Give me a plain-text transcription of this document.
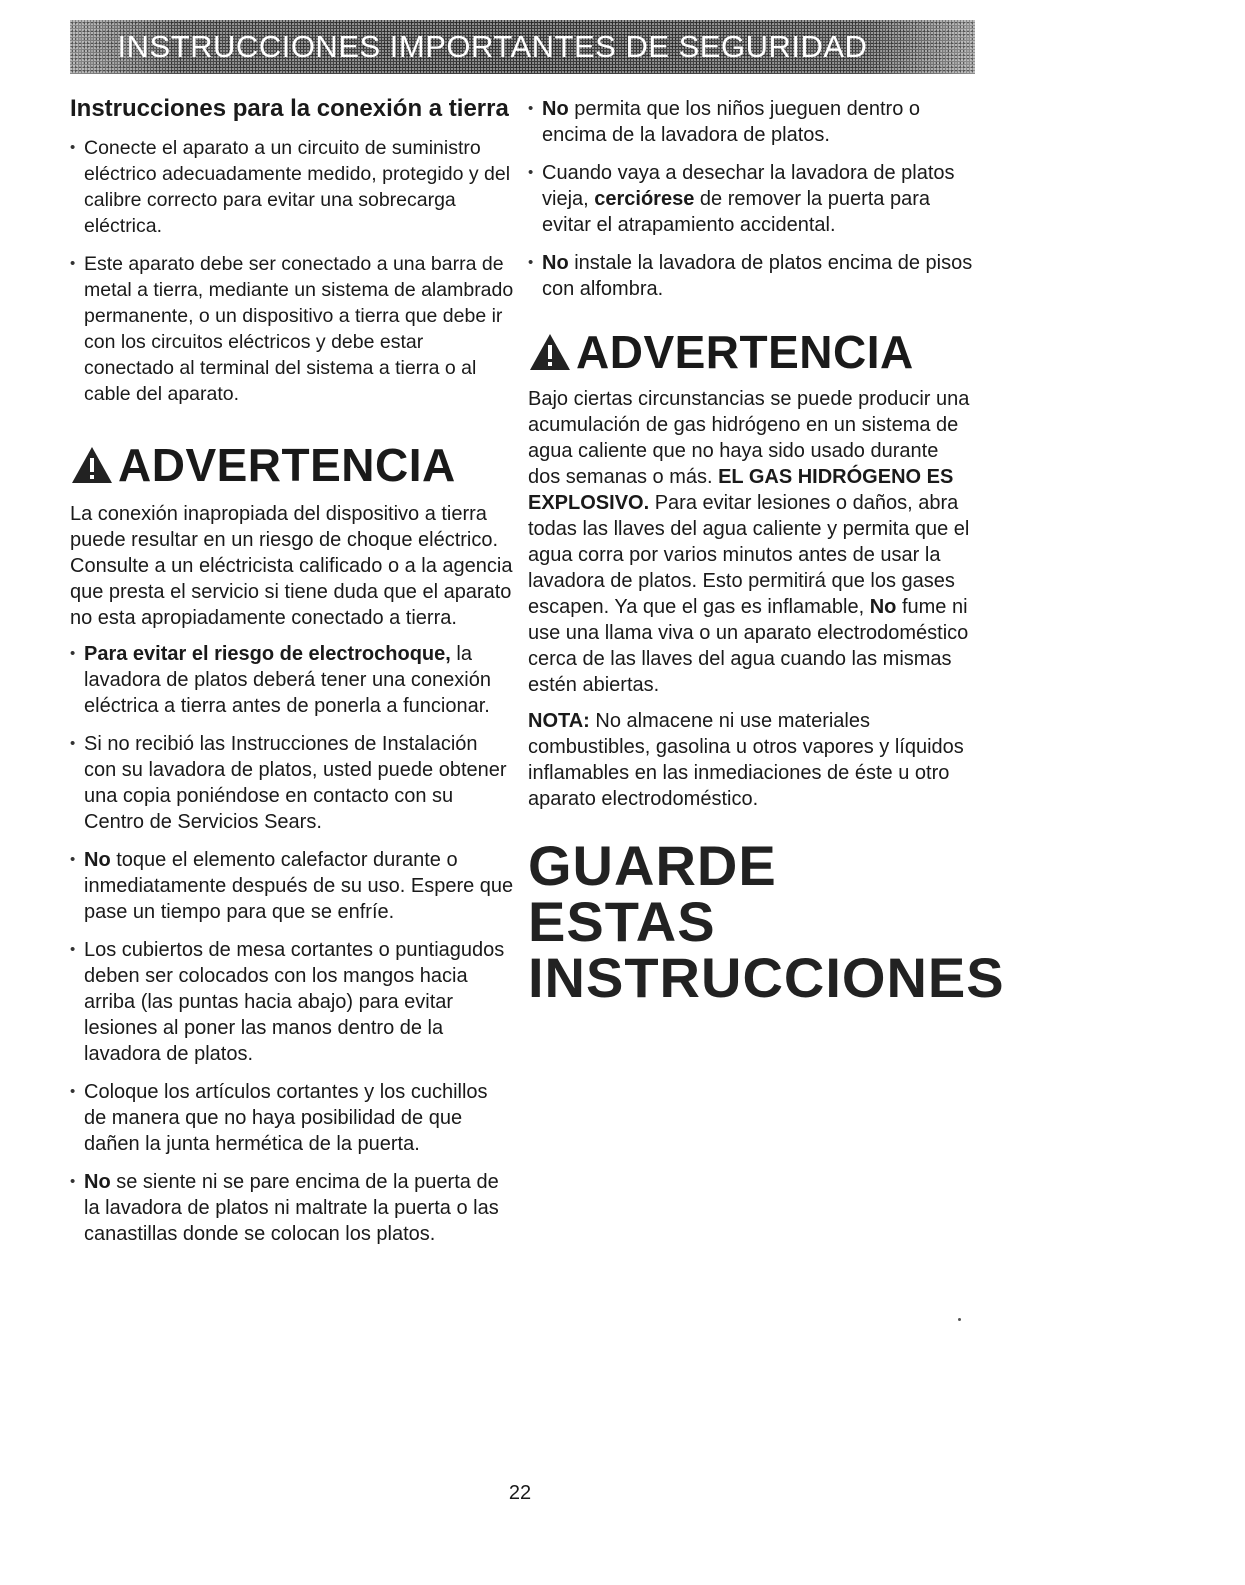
INSTRUCCIONES IMPORTANTES DE SEGURIDAD
Instrucciones para la conexión a tierra
• Conecte el aparato a un circuito de suministro eléctrico adecuadamente medido, protegido y del calibre correcto para evitar una sobrecarga eléctrica.
• Este aparato debe ser conectado a una barra de metal a tierra, mediante un sistema de alambrado permanente, o un dispositivo a tierra que debe ir con los circuitos eléctricos y debe estar conectado al terminal del sistema a tierra o al cable del aparato.
ADVERTENCIA

La conexión inapropiada del dispositivo a tierra puede resultar en un riesgo de choque eléctrico. Consulte a un eléctricista calificado o a la agencia que presta el servicio si tiene duda que el aparato no esta apropiadamente conectado a tierra.

• Para evitar el riesgo de electrochoque, la lavadora de platos deberá tener una conexión eléctrica a tierra antes de ponerla a funcionar.
• Si no recibió las Instrucciones de Instalación con su lavadora de platos, usted puede obtener una copia poniéndose en contacto con su Centro de Servicios Sears.
• No toque el elemento calefactor durante o inmediatamente después de su uso. Espere que pase un tiempo para que se enfríe.
• Los cubiertos de mesa cortantes o puntiagudos deben ser colocados con los mangos hacia arriba (las puntas hacia abajo) para evitar lesiones al poner las manos dentro de la lavadora de platos.
• Coloque los artículos cortantes y los cuchillos de manera que no haya posibilidad de que dañen la junta hermética de la puerta.
• No se siente ni se pare encima de la puerta de la lavadora de platos ni maltrate la puerta o las canastillas donde se colocan los platos.
• No permita que los niños jueguen dentro o encima de la lavadora de platos.
• Cuando vaya a desechar la lavadora de platos vieja, cerciórese de remover la puerta para evitar el atrapamiento accidental.
• No instale la lavadora de platos encima de pisos con alfombra.
ADVERTENCIA

Bajo ciertas circunstancias se puede producir una acumulación de gas hidrógeno en un sistema de agua caliente que no haya sido usado durante dos semanas o más. EL GAS HIDRÓGENO ES EXPLOSIVO. Para evitar lesiones o daños, abra todas las llaves del agua caliente y permita que el agua corra por varios minutos antes de usar la lavadora de platos. Esto permitirá que los gases escapen. Ya que el gas es inflamable, No fume ni use una llama viva o un aparato electrodoméstico cerca de las llaves del agua cuando las mismas estén abiertas.

NOTA: No almacene ni use materiales combustibles, gasolina u otros vapores y líquidos inflamables en las inmediaciones de éste u otro aparato electrodoméstico.

GUARDE ESTAS
INSTRUCCIONES
22
